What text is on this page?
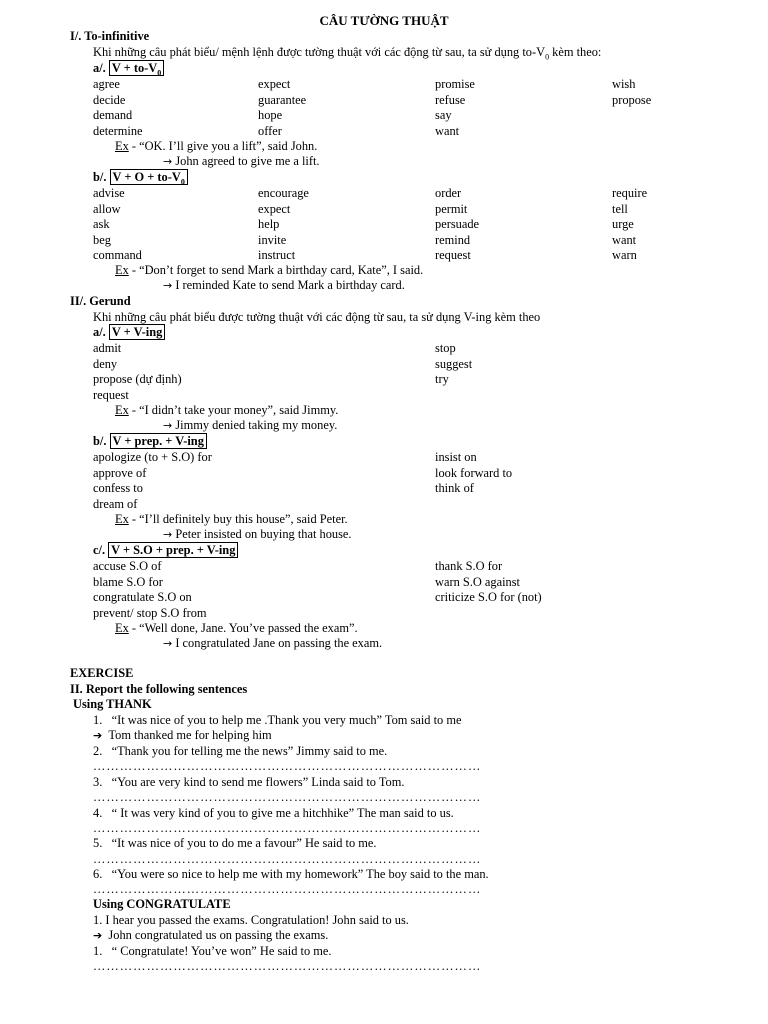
CÂU TƯỜNG THUẬT
I/. To-infinitive
Khi những câu phát biểu/ mệnh lệnh được tường thuật với các động từ sau, ta sử dụng $to-V_0$ kèm theo:
a/. $V + to-V_0$
agree	expect	promise	wish
decide	guarantee	refuse	propose
demand	hope	say
determine	offer	want
Ex - “OK. I’ll give you a lift”, said John.
→ John agreed to give me a lift.
b/. $V + O + to-V_0$
advise	encourage	order	require
allow	expect	permit	tell
ask	help	persuade	urge
beg	invite	remind	want
command	instruct	request	warn
Ex - “Don’t forget to send Mark a birthday card, Kate”, I said.
→ I reminded Kate to send Mark a birthday card.
II/. Gerund
Khi những câu phát biểu được tường thuật với các động từ sau, ta sử dụng V-ing kèm theo
a/. V + V-ing
admit	stop
deny	suggest
propose (dự định)	try
request
Ex - “I didn’t take your money”, said Jimmy.
→ Jimmy denied taking my money.
b/. V + prep. + V-ing
apologize (to + S.O) for	insist on
approve of	look forward to
confess to	think of
dream of
Ex - “I’ll definitely buy this house”, said Peter.
→ Peter insisted on buying that house.
c/. V + S.O + prep. + V-ing
accuse S.O of	thank S.O for
blame S.O for	warn S.O against
congratulate S.O on	criticize S.O for (not)
prevent/ stop S.O from
Ex - “Well done, Jane. You’ve passed the exam”.
→ I congratulated Jane on passing the exam.
EXERCISE
II. Report the following sentences
Using THANK
1. “It was nice of you to help me .Thank you very much” Tom said to me
➔ Tom thanked me for helping him
2. “Thank you for telling me the news” Jimmy said to me.
……………………………………………………………………………
3. “You are very kind to send me flowers” Linda said to Tom.
……………………………………………………………………………
4. “ It was very kind of you to give me a hitchhike” The man said to us.
……………………………………………………………………………
5. “It was nice of you to do me a favour” He said to me.
……………………………………………………………………………
6. “You were so nice to help me with my homework” The boy said to the man.
……………………………………………………………………………
Using CONGRATULATE
1. I hear you passed the exams. Congratulation! John said to us.
➔ John congratulated us on passing the exams.
1. “ Congratulate! You’ve won” He said to me.
……………………………………………………………………………
